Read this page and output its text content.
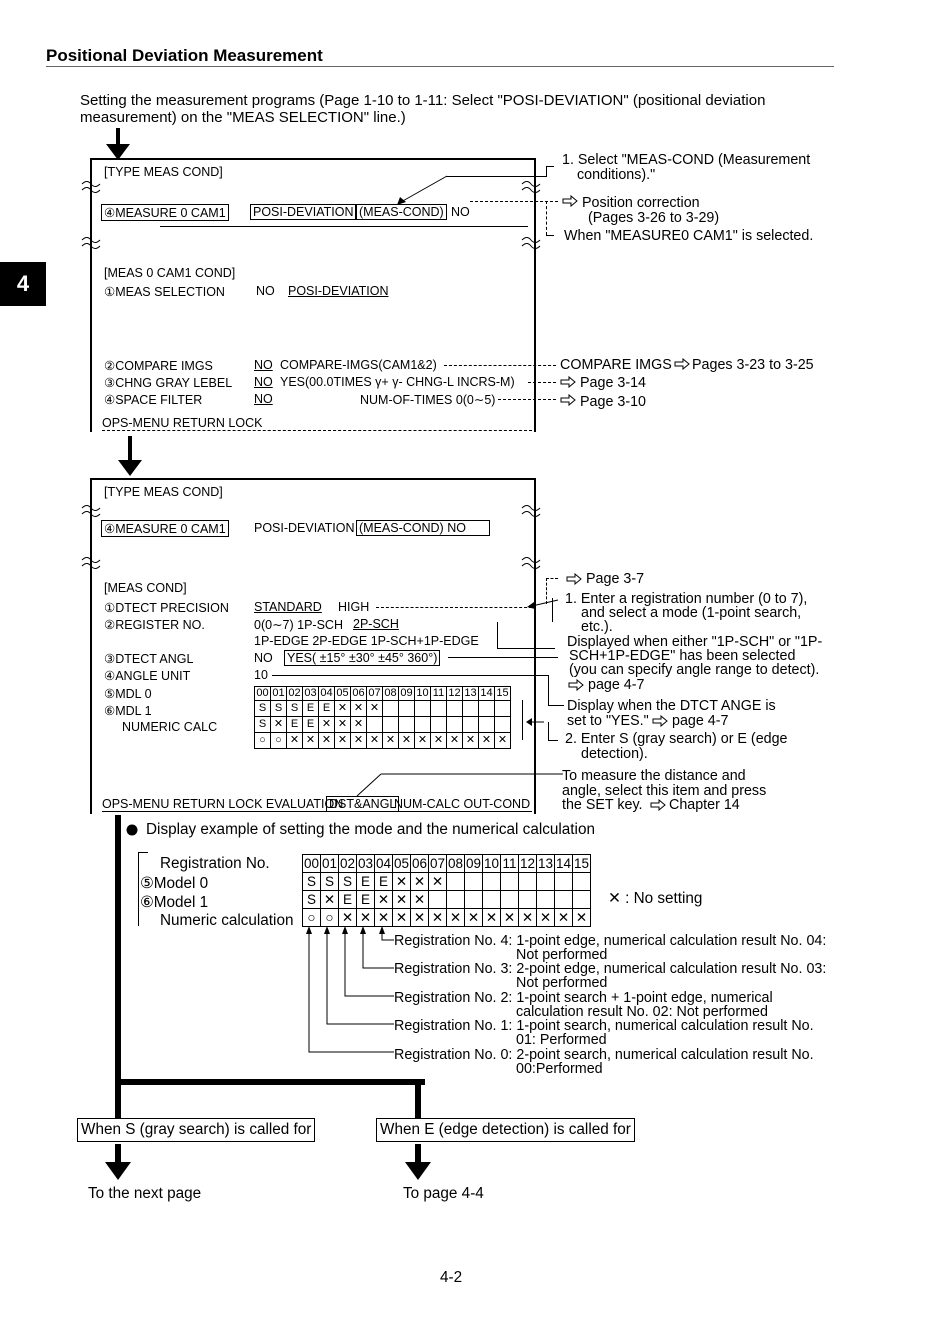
Positional Deviation Measurement
4
Setting the measurement programs (Page 1-10 to 1-11: Select "POSI-DEVIATION" (positional deviation measurement) on the "MEAS SELECTION" line.)
[TYPE MEAS COND]
④MEASURE 0 CAM1 POSI-DEVIATION (MEAS-COND) NO
[MEAS 0 CAM1 COND]
①MEAS SELECTION NO POSI-DEVIATION
②COMPARE IMGS	NO COMPARE-IMGS(CAM1&2)
③CHNG GRAY LEBEL NO YES(00.0TIMES γ+ γ- CHNG-L INCRS-M)
④SPACE FILTER	NO	NUM-OF-TIMES 0(0∼5)
OPS-MENU RETURN LOCK
1. Select "MEAS-COND (Measurement
conditions)."
Position correction
(Pages 3-26 to 3-29)
When "MEASURE0 CAM1" is selected.
COMPARE IMGS Pages 3-23 to 3-25
Page 3-14
Page 3-10
[TYPE MEAS COND]
④MEASURE 0 CAM1 POSI-DEVIATION (MEAS-COND) NO
[MEAS COND]
①DTECT PRECISION STANDARD HIGH
②REGISTER NO.	0(0∼7) 1P-SCH 2P-SCH
1P-EDGE 2P-EDGE 1P-SCH+1P-EDGE
③DTECT ANGL	NO YES( ±15° ±30° ±45° 360°)
④ANGLE UNIT	10
⑤MDL 0
⑥MDL 1
NUMERIC CALC
00	01	02	03	04	05	06	07	08	09	10	11	12	13	14	15
S	S	S	E	E	✕	✕	✕								
S	✕	E	E	✕	✕	✕									
○	○	✕	✕	✕	✕	✕	✕	✕	✕	✕	✕	✕	✕	✕	✕
OPS-MENU RETURN LOCK EVALUATION
DST&ANGL
NUM-CALC OUT-COND
Page 3-7
1. Enter a registration number (0 to 7),
and select a mode (1-point search,
etc.).
Displayed when either "1P-SCH" or "1P-
SCH+1P-EDGE" has been selected
(you can specify angle range to detect).
page 4-7
Display when the DTCT ANGE is
set to "YES." page 4-7
2. Enter S (gray search) or E (edge
detection).
To measure the distance and
angle, select this item and press
the SET key. Chapter 14
Display example of setting the mode and the numerical calculation
Registration No.
⑤Model 0
⑥Model 1
Numeric calculation
00	01	02	03	04	05	06	07	08	09	10	11	12	13	14	15
S	S	S	E	E	✕	✕	✕								
S	✕	E	E	✕	✕	✕									
○	○	✕	✕	✕	✕	✕	✕	✕	✕	✕	✕	✕	✕	✕	✕
✕ : No setting
Registration No. 4: 1-point edge, numerical calculation result No. 04:
Not performed
Registration No. 3: 2-point edge, numerical calculation result No. 03:
Not performed
Registration No. 2: 1-point search + 1-point edge, numerical
calculation result No. 02: Not performed
Registration No. 1: 1-point search, numerical calculation result No.
01: Performed
Registration No. 0: 2-point search, numerical calculation result No.
00:Performed
When S (gray search) is called for	When E (edge detection) is called for
To the next page	To page 4-4
4-2
